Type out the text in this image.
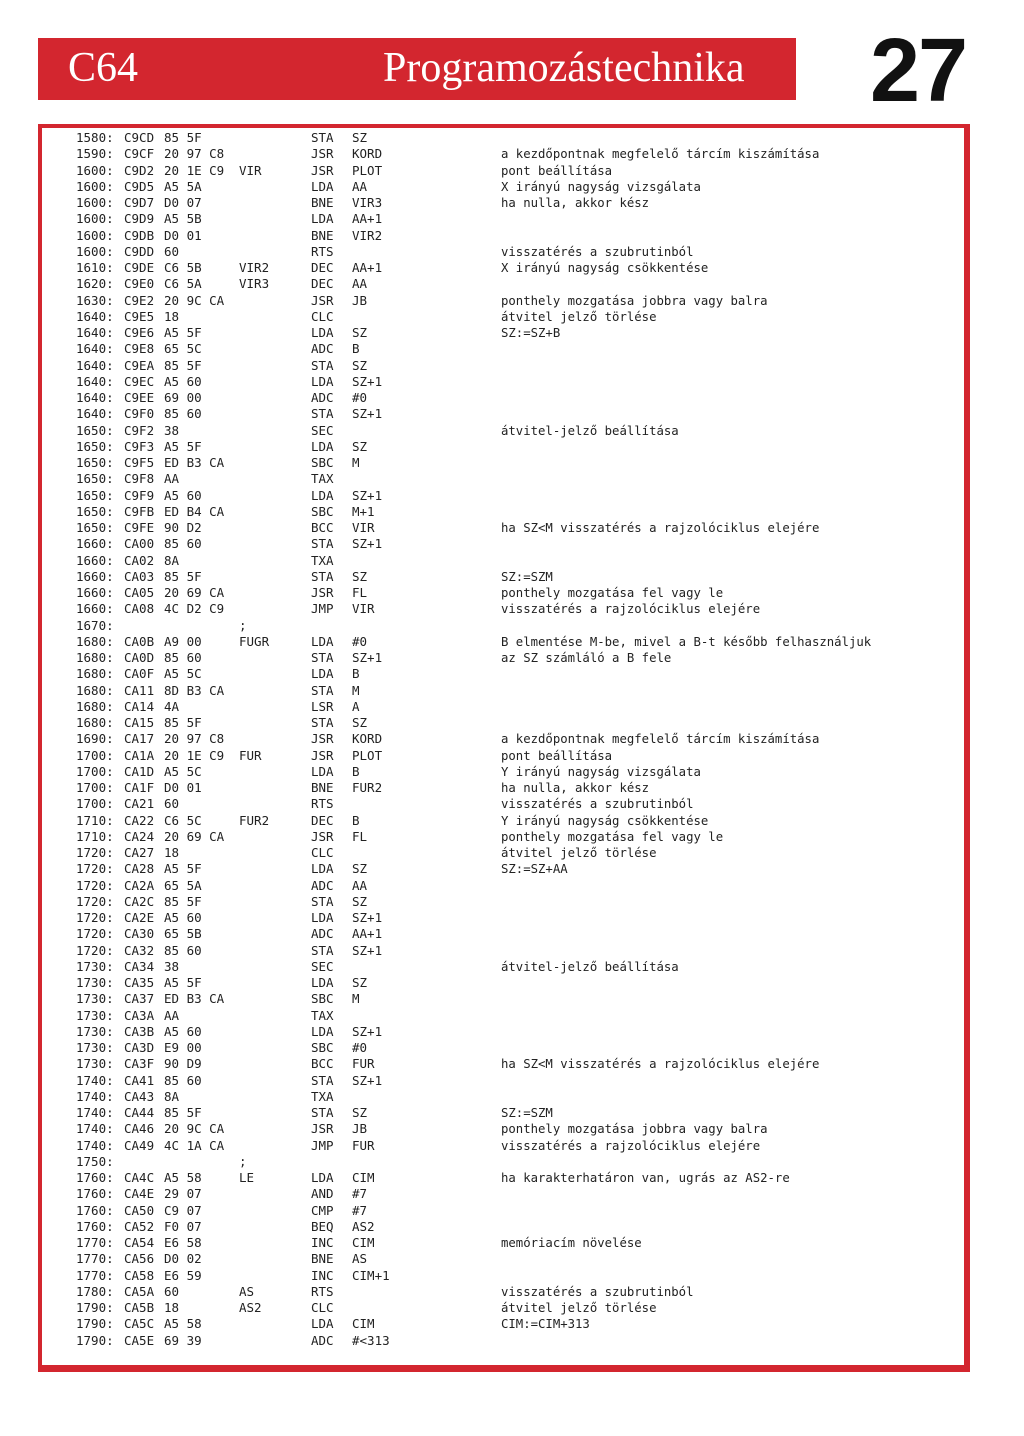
C64	Programozástechnika 27
1580: C9CD 85 5F	STA SZ
1590: C9CF 20 97 C8	JSR KORD	a kezdőpontnak megfelelő tárcím kiszámítása
1600: C9D2 20 1E C9 VIR	JSR PLOT	pont beállítása
1600: C9D5 A5 5A	LDA AA	X irányú nagyság vizsgálata
1600: C9D7 D0 07	BNE VIR3	ha nulla, akkor kész
1600: C9D9 A5 5B	LDA AA+1
1600: C9DB D0 01	BNE VIR2
1600: C9DD 60	RTS	visszatérés a szubrutinból
1610: C9DE C6 5B	VIR2	DEC AA+1	X irányú nagyság csökkentése
1620: C9E0 C6 5A	VIR3	DEC AA
1630: C9E2 20 9C CA	JSR JB	ponthely mozgatása jobbra vagy balra
1640: C9E5 18	CLC	átvitel jelző törlése
1640: C9E6 A5 5F	LDA SZ	SZ:=SZ+B
1640: C9E8 65 5C	ADC B
1640: C9EA 85 5F	STA SZ
1640: C9EC A5 60	LDA SZ+1
1640: C9EE 69 00	ADC #0
1640: C9F0 85 60	STA SZ+1
1650: C9F2 38	SEC	átvitel-jelző beállítása
1650: C9F3 A5 5F	LDA SZ
1650: C9F5 ED B3 CA	SBC M
1650: C9F8 AA	TAX
1650: C9F9 A5 60	LDA SZ+1
1650: C9FB ED B4 CA	SBC M+1
1650: C9FE 90 D2	BCC VIR	ha SZ<M visszatérés a rajzolóciklus elejére
1660: CA00 85 60	STA SZ+1
1660: CA02 8A	TXA
1660: CA03 85 5F	STA SZ	SZ:=SZM
1660: CA05 20 69 CA	JSR FL	ponthely mozgatása fel vagy le
1660: CA08 4C D2 C9	JMP VIR	visszatérés a rajzolóciklus elejére
1670:	;
1680: CA0B A9 00	FUGR	LDA #0	B elmentése M-be, mivel a B-t később felhasználjuk
1680: CA0D 85 60	STA SZ+1	az SZ számláló a B fele
1680: CA0F A5 5C	LDA B
1680: CA11 8D B3 CA	STA M
1680: CA14 4A	LSR A
1680: CA15 85 5F	STA SZ
1690: CA17 20 97 C8	JSR KORD	a kezdőpontnak megfelelő tárcím kiszámítása
1700: CA1A 20 1E C9 FUR	JSR PLOT	pont beállítása
1700: CA1D A5 5C	LDA B	Y irányú nagyság vizsgálata
1700: CA1F D0 01	BNE FUR2	ha nulla, akkor kész
1700: CA21 60	RTS	visszatérés a szubrutinból
1710: CA22 C6 5C	FUR2	DEC B	Y irányú nagyság csökkentése
1710: CA24 20 69 CA	JSR FL	ponthely mozgatása fel vagy le
1720: CA27 18	CLC	átvitel jelző törlése
1720: CA28 A5 5F	LDA SZ	SZ:=SZ+AA
1720: CA2A 65 5A	ADC AA
1720: CA2C 85 5F	STA SZ
1720: CA2E A5 60	LDA SZ+1
1720: CA30 65 5B	ADC AA+1
1720: CA32 85 60	STA SZ+1
1730: CA34 38	SEC	átvitel-jelző beállítása
1730: CA35 A5 5F	LDA SZ
1730: CA37 ED B3 CA	SBC M
1730: CA3A AA	TAX
1730: CA3B A5 60	LDA SZ+1
1730: CA3D E9 00	SBC #0
1730: CA3F 90 D9	BCC FUR	ha SZ<M visszatérés a rajzolóciklus elejére
1740: CA41 85 60	STA SZ+1
1740: CA43 8A	TXA
1740: CA44 85 5F	STA SZ	SZ:=SZM
1740: CA46 20 9C CA	JSR JB	ponthely mozgatása jobbra vagy balra
1740: CA49 4C 1A CA	JMP FUR	visszatérés a rajzolóciklus elejére
1750:	;
1760: CA4C A5 58	LE	LDA CIM	ha karakterhatáron van, ugrás az AS2-re
1760: CA4E 29 07	AND #7
1760: CA50 C9 07	CMP #7
1760: CA52 F0 07	BEQ AS2
1770: CA54 E6 58	INC CIM	memóriacím növelése
1770: CA56 D0 02	BNE AS
1770: CA58 E6 59	INC CIM+1
1780: CA5A 60	AS	RTS	visszatérés a szubrutinból
1790: CA5B 18	AS2	CLC	átvitel jelző törlése
1790: CA5C A5 58	LDA CIM	CIM:=CIM+313
1790: CA5E 69 39	ADC #<313
